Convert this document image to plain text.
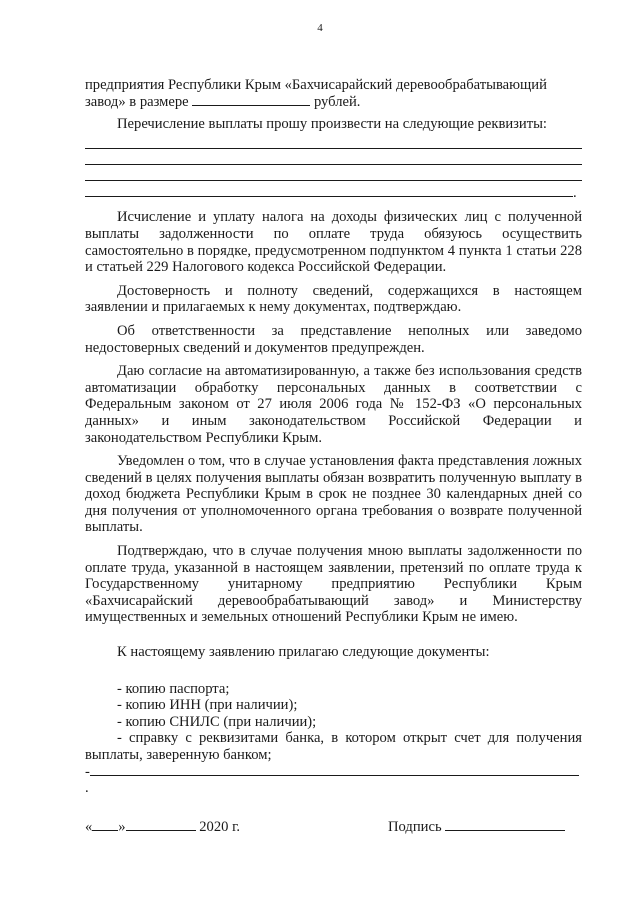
4

предприятия Республики Крым «Бахчисарайский деревообрабатывающий

завод» в размере	рублей.

Перечисление выплаты прошу произвести на следующие реквизиты:

.

Исчисление и уплату налога на доходы физических лиц с полученной выплаты задолженности по оплате труда обязуюсь осуществить самостоятельно в порядке, предусмотренном подпунктом 4 пункта 1 статьи 228 и статьей 229 Налогового кодекса Российской Федерации.

Достоверность и полноту сведений, содержащихся в настоящем заявлении и прилагаемых к нему документах, подтверждаю.

Об ответственности за представление неполных или заведомо недостоверных сведений и документов предупрежден.

Даю согласие на автоматизированную, а также без использования средств автоматизации обработку персональных данных в соответствии с Федеральным законом от 27 июля 2006 года № 152-ФЗ «О персональных данных» и иным законодательством Российской Федерации и законодательством Республики Крым.

Уведомлен о том, что в случае установления факта представления ложных сведений в целях получения выплаты обязан возвратить полученную выплату в доход бюджета Республики Крым в срок не позднее 30 календарных дней со дня получения от уполномоченного органа требования о возврате полученной выплаты.

Подтверждаю, что в случае получения мною выплаты задолженности по оплате труда, указанной в настоящем заявлении, претензий по оплате труда к Государственному унитарному предприятию Республики Крым «Бахчисарайский деревообрабатывающий завод» и Министерству имущественных и земельных отношений Республики Крым не имею.

К настоящему заявлению прилагаю следующие документы:

- копию паспорта;
- копию ИНН (при наличии);
- копию СНИЛС (при наличии);
- справку с реквизитами банка, в котором открыт счет для получения выплаты, заверенную банком;
-.
« »	2020 г.	Подпись
